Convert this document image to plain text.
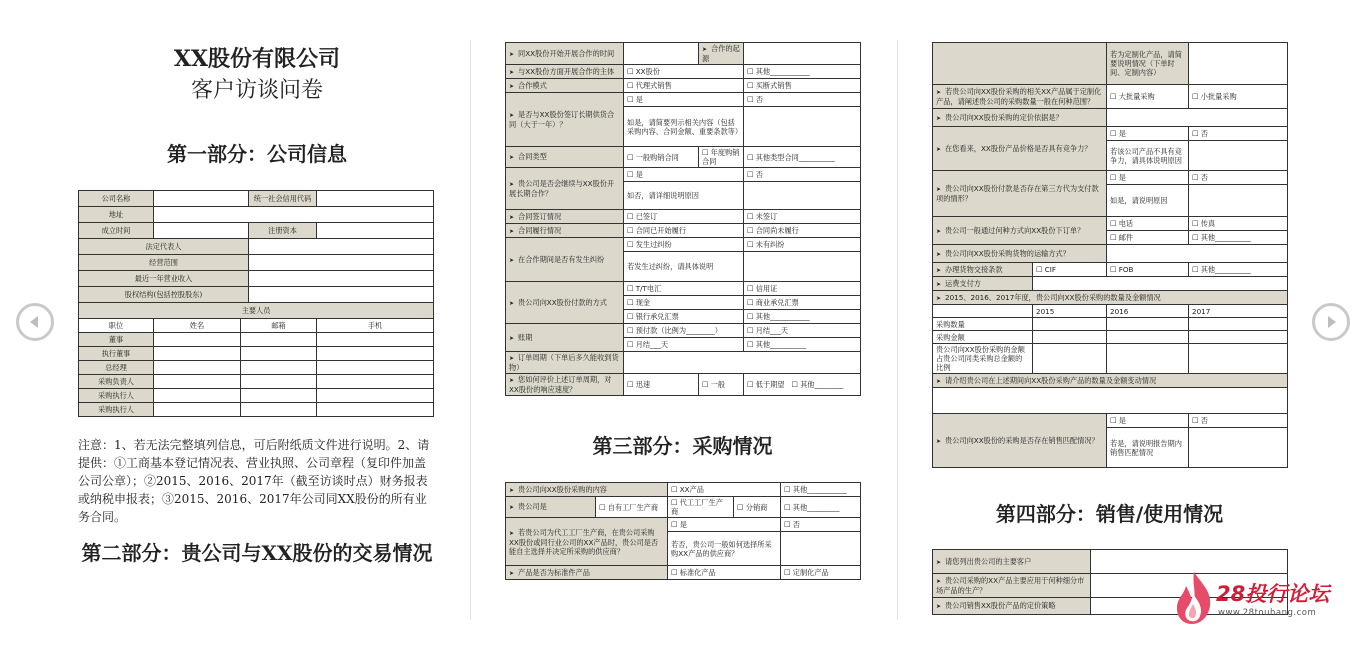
XX股份有限公司
客户访谈问卷
第一部分：公司信息
公司名称			统一社会信用代码	
地址				
成立时间			注册资本	
法定代表人				
经营范围				
最近一年营业收入				
股权结构(包括控股股东)				
主要人员				
职位	姓名	邮箱		手机
董事				
执行董事				
总经理				
采购负责人				
采购执行人				
采购执行人				
注意：1、若无法完整填列信息，可后附纸质文件进行说明。2、请提供：①工商基本登记情况表、营业执照、公司章程（复印件加盖公司公章）；②2015、2016、2017年（截至访谈时点）财务报表或纳税申报表；③2015、2016、2017年公司同XX股份的所有业务合同。
第二部分：贵公司与XX股份的交易情况
➤ 同XX股份开始开展合作的时间		➤ 合作的起源	
➤ 与XX股份方面开展合作的主体	☐ XX股份		☐ 其他___________
➤ 合作模式	☐ 代理式销售		☐ 买断式销售
➤ 是否与XX股份签订长期供货合同（大于一年）？	☐ 是		☐ 否
	如是，请简要列示相关内容（包括采购内容、合同金额、重要条款等）		
➤ 合同类型	☐ 一般购销合同	☐ 年度购销合同	☐ 其他类型合同__________
➤ 贵公司是否会继续与XX股份开展长期合作？	☐ 是		☐ 否
	如否，请详细说明原因		
➤ 合同签订情况	☐ 已签订		☐ 未签订
➤ 合同履行情况	☐ 合同已开始履行		☐ 合同尚未履行
➤ 在合作期间是否有发生纠纷	☐ 发生过纠纷		☐ 未有纠纷
	若发生过纠纷，请具体说明		
➤ 贵公司向XX股份付款的方式	☐ T/T电汇		☐ 信用证
	☐ 现金		☐ 商业承兑汇票
	☐ 银行承兑汇票		☐ 其他___________
➤ 账期	☐ 预付款（比例为________）		☐ 月结___天
	☐ 月结___天		☐ 其他__________
➤ 订单周期（下单后多久能收到货物）			
➤ 您如何评价上述订单周期，对XX股份的响应速度？	☐ 迅速	☐ 一般	☐ 低于期望   ☐ 其他________
第三部分：采购情况
➤ 贵公司向XX股份采购的内容		☐ XX产品		☐ 其他___________
➤ 贵公司是	☐ 自有工厂生产商	☐ 代工工厂生产商	☐ 分销商	☐ 其他_________
➤ 若贵公司为代工工厂生产商，在贵公司采购XX股份或同行业公司的XX产品时，贵公司是否能自主选择并决定所采购的供应商？		☐ 是		☐ 否
		若否，贵公司一般如何选择所采购XX产品的供应商？		
➤ 产品是否为标准件产品		☐ 标准化产品		☐ 定制化产品
		若为定制化产品，请简要说明情况（下单时间、定制内容）	
➤ 若贵公司向XX股份采购的相关XX产品属于定制化产品，请阐述贵公司的采购数量一般在何种范围？		☐ 大批量采购	☐ 小批量采购
➤ 贵公司向XX股份采购的定价依据是？			
➤ 在您看来，XX股份产品价格是否具有竞争力？		☐ 是	☐ 否
		若该公司产品不具有竞争力，请具体说明原因	
➤ 贵公司向XX股份付款是否存在第三方代为支付款项的情形？		☐ 是	☐ 否
		如是，请说明原因	
➤ 贵公司一般通过何种方式向XX股份下订单？		☐ 电话	☐ 传真
		☐ 邮件	☐ 其他__________
➤ 贵公司向XX股份采购货物的运输方式？			
➤ 办理货物交接条款	☐ CIF	☐ FOB	☐ 其他__________
➤ 运费支付方			
➤ 2015、2016、2017年度，贵公司向XX股份采购的数量及金额情况			
	2015	2016	2017
采购数量			
采购金额			
贵公司向XX股份采购的金额占贵公司同类采购总金额的比例			
➤ 请介绍贵公司在上述期间向XX股份采购产品的数量及金额变动情况			

➤ 贵公司向XX股份的采购是否存在销售匹配情况？		☐ 是	☐ 否
		若是，请说明报告期内销售匹配情况	
第四部分：销售/使用情况
➤ 请您列出贵公司的主要客户	
➤ 贵公司采购的XX产品主要应用于何种细分市场产品的生产？	
➤ 贵公司销售XX股份产品的定价策略		28投行论坛
www.28touhang.com
